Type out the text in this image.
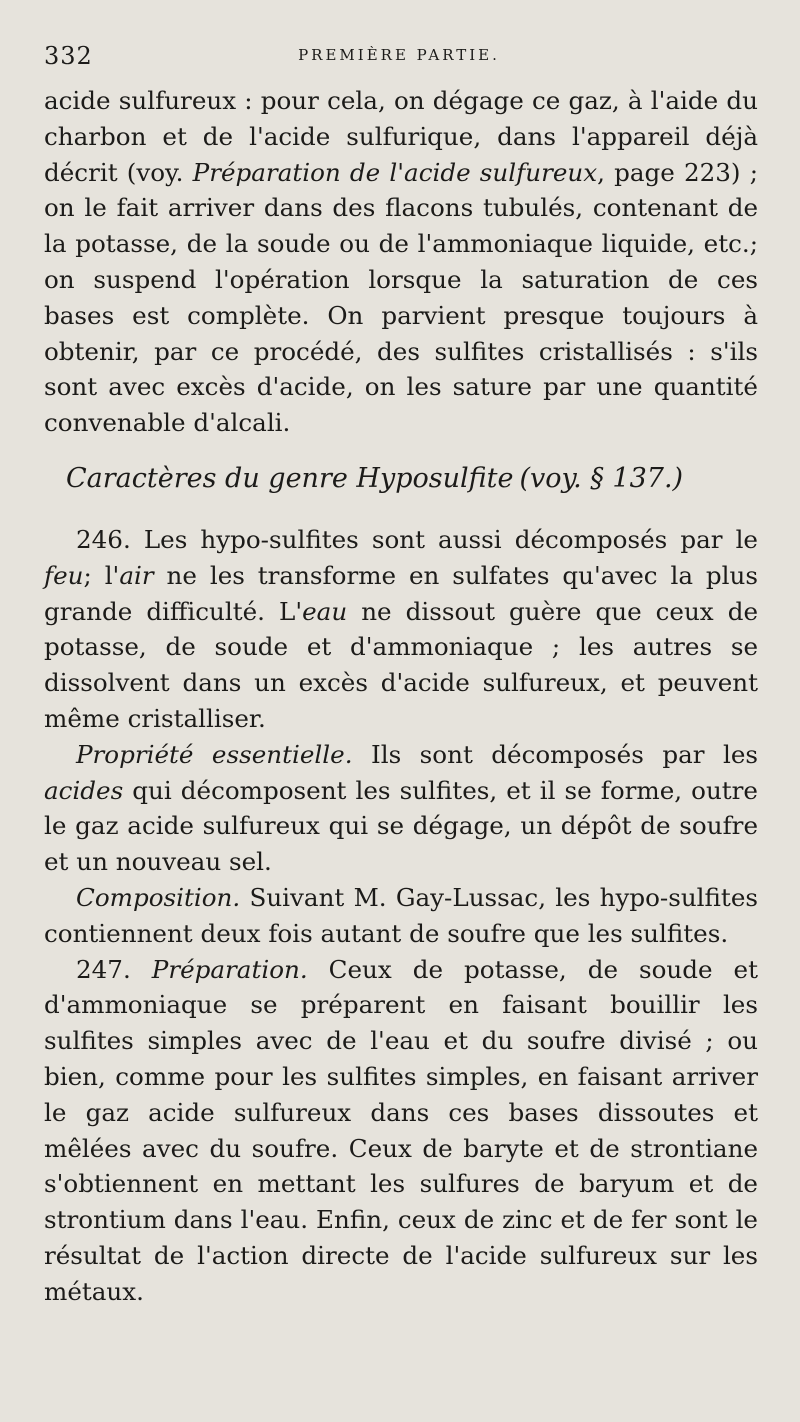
332	PREMIÈRE PARTIE.

acide sulfureux : pour cela, on dégage ce gaz, à l'aide du charbon et de l'acide sulfurique, dans l'appareil déjà décrit (voy. Préparation de l'acide sulfureux, page 223) ; on le fait arriver dans des flacons tubulés, contenant de la potasse, de la soude ou de l'ammoniaque liquide, etc.; on suspend l'opération lorsque la saturation de ces bases est complète. On parvient presque toujours à obtenir, par ce procédé, des sulfites cristallisés : s'ils sont avec excès d'acide, on les sature par une quantité convenable d'alcali.

Caractères du genre Hyposulfite (voy. § 137.)

246. Les hypo-sulfites sont aussi décomposés par le feu; l'air ne les transforme en sulfates qu'avec la plus grande difficulté. L'eau ne dissout guère que ceux de potasse, de soude et d'ammoniaque ; les autres se dissolvent dans un excès d'acide sulfureux, et peuvent même cristalliser.

Propriété essentielle. Ils sont décomposés par les acides qui décomposent les sulfites, et il se forme, outre le gaz acide sulfureux qui se dégage, un dépôt de soufre et un nouveau sel.

Composition. Suivant M. Gay-Lussac, les hypo-sulfites contiennent deux fois autant de soufre que les sulfites.

247. Préparation. Ceux de potasse, de soude et d'ammoniaque se préparent en faisant bouillir les sulfites simples avec de l'eau et du soufre divisé ; ou bien, comme pour les sulfites simples, en faisant arriver le gaz acide sulfureux dans ces bases dissoutes et mêlées avec du soufre. Ceux de baryte et de strontiane s'obtiennent en mettant les sulfures de baryum et de strontium dans l'eau. Enfin, ceux de zinc et de fer sont le résultat de l'action directe de l'acide sulfureux sur les métaux.
